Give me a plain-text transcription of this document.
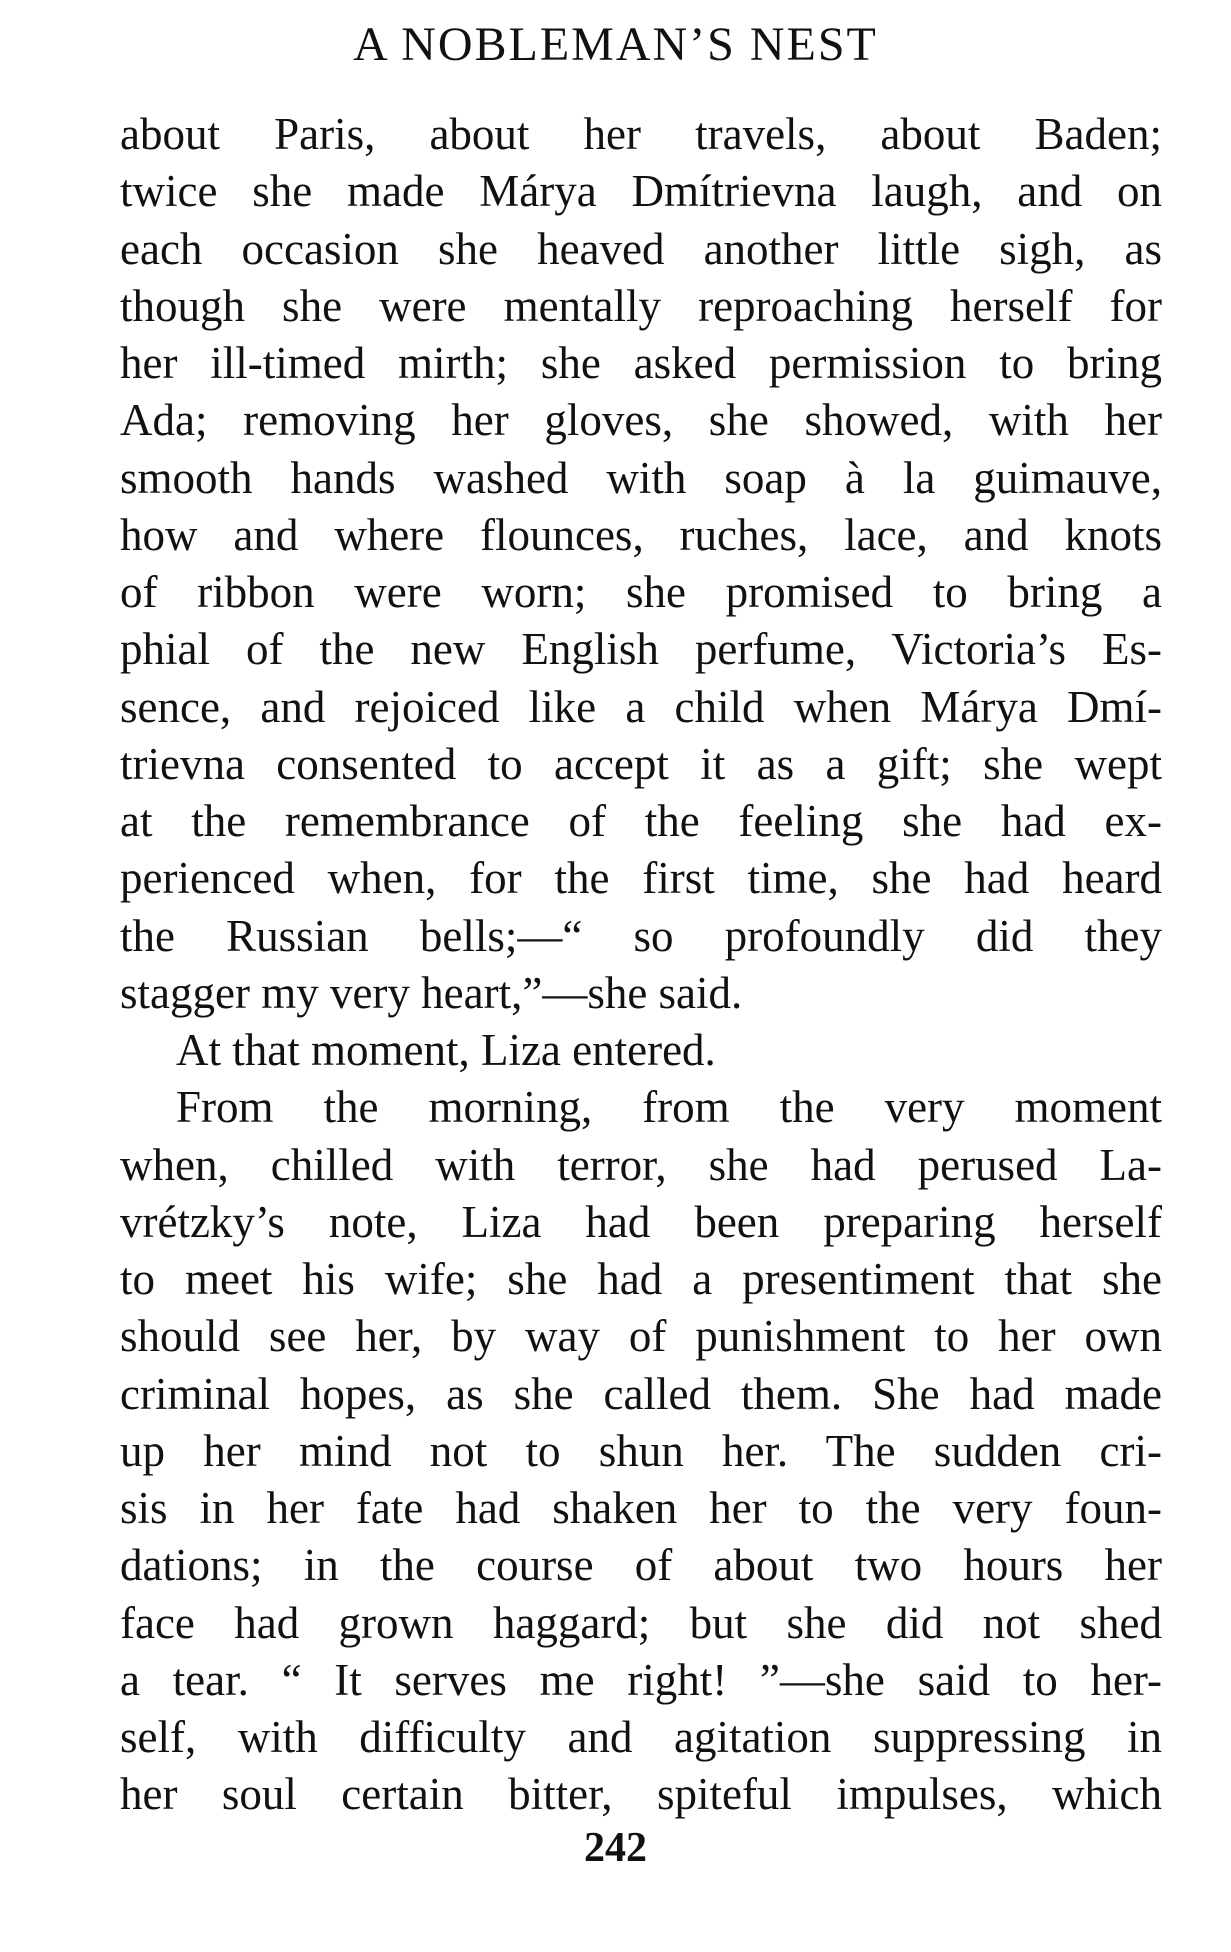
A NOBLEMAN’S NEST
about Paris, about her travels, about Baden;
twice she made Márya Dmítrievna laugh, and on
each occasion she heaved another little sigh, as
though she were mentally reproaching herself for
her ill-timed mirth; she asked permission to bring
Ada; removing her gloves, she showed, with her
smooth hands washed with soap à la guimauve,
how and where flounces, ruches, lace, and knots
of ribbon were worn; she promised to bring a
phial of the new English perfume, Victoria’s Es-
sence, and rejoiced like a child when Márya Dmí-
trievna consented to accept it as a gift; she wept
at the remembrance of the feeling she had ex-
perienced when, for the first time, she had heard
the Russian bells;—“ so profoundly did they
stagger my very heart,”—she said.
At that moment, Liza entered.
From the morning, from the very moment
when, chilled with terror, she had perused La-
vrétzky’s note, Liza had been preparing herself
to meet his wife; she had a presentiment that she
should see her, by way of punishment to her own
criminal hopes, as she called them. She had made
up her mind not to shun her. The sudden cri-
sis in her fate had shaken her to the very foun-
dations; in the course of about two hours her
face had grown haggard; but she did not shed
a tear. “ It serves me right! ”—she said to her-
self, with difficulty and agitation suppressing in
her soul certain bitter, spiteful impulses, which
242
